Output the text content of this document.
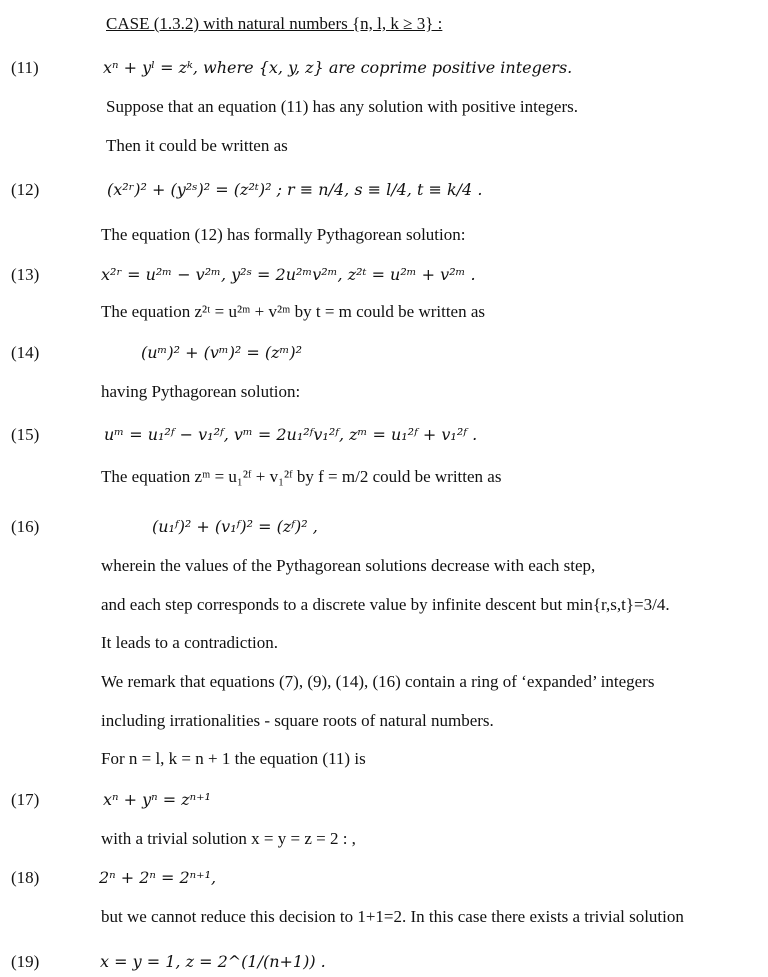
CASE (1.3.2) with natural numbers {n, l, k ≥ 3} :
(11)	xⁿ + yˡ = zᵏ, where {x, y, z} are coprime positive integers.
Suppose that an equation (11) has any solution with positive integers.
Then it could be written as
(12)	(x²ʳ)² + (y²ˢ)² = (z²ᵗ)² ; r ≡ n/4, s ≡ l/4, t ≡ k/4 .
The equation (12) has formally Pythagorean solution:
(13)	x²ʳ = u²ᵐ − v²ᵐ, y²ˢ = 2u²ᵐv²ᵐ, z²ᵗ = u²ᵐ + v²ᵐ .
The equation z²ᵗ = u²ᵐ + v²ᵐ by t = m could be written as
(14)	(uᵐ)² + (vᵐ)² = (zᵐ)²
having Pythagorean solution:
(15)	uᵐ = u₁²ᶠ − v₁²ᶠ, vᵐ = 2u₁²ᶠv₁²ᶠ, zᵐ = u₁²ᶠ + v₁²ᶠ .
The equation zᵐ = u₁²ᶠ + v₁²ᶠ by f = m/2 could be written as
(16)	(u₁ᶠ)² + (v₁ᶠ)² = (zᶠ)² ,
wherein the values of the Pythagorean solutions decrease with each step,
and each step corresponds to a discrete value by infinite descent but min{r,s,t}=3/4.
It leads to a contradiction.
We remark that equations (7), (9), (14), (16) contain a ring of ‘expanded’ integers
including irrationalities - square roots of natural numbers.
For n = l, k = n + 1 the equation (11) is
(17)	xⁿ + yⁿ = zⁿ⁺¹
with a trivial solution x = y = z = 2 : ,
(18)	2ⁿ + 2ⁿ = 2ⁿ⁺¹,
but we cannot reduce this decision to 1+1=2. In this case there exists a trivial solution
(19)	x = y = 1, z = 2^(1/(n+1)) .
